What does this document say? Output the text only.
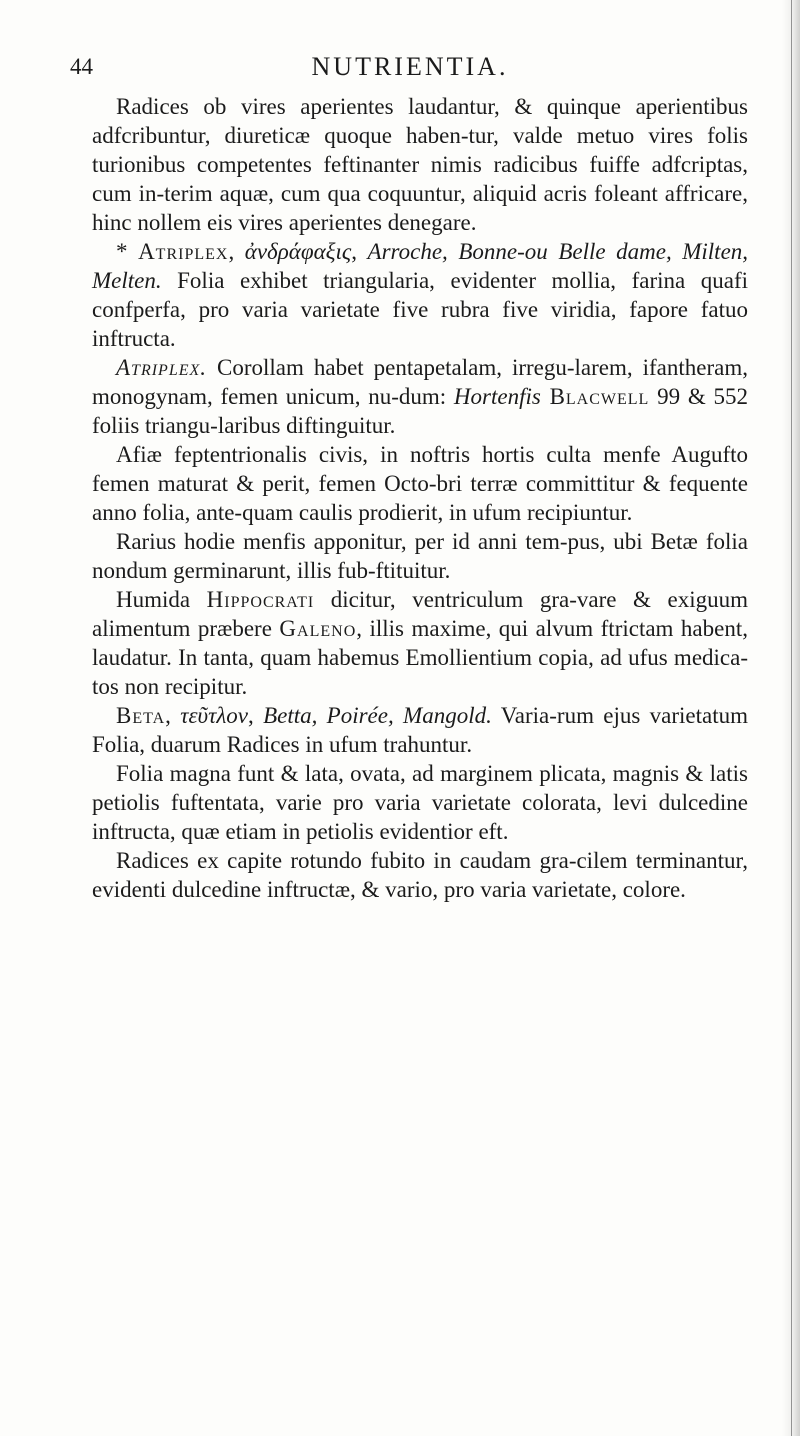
44	NUTRIENTIA.

Radices ob vires aperientes laudantur, & quinque aperientibus adfcribuntur, diureticæ quoque haben-tur, valde metuo vires folis turionibus competentes feftinanter nimis radicibus fuiffe adfcriptas, cum in-terim aquæ, cum qua coquuntur, aliquid acris foleant affricare, hinc nollem eis vires aperientes denegare.

* Atriplex, ἀνδράφαξις, Arroche, Bonne-ou Belle dame, Milten, Melten. Folia exhibet triangularia, evidenter mollia, farina quafi confperfa, pro varia varietate five rubra five viridia, fapore fatuo inftructa.

Atriplex. Corollam habet pentapetalam, irregu-larem, ifantheram, monogynam, femen unicum, nu-dum: Hortenfis Blacwell 99 & 552 foliis triangu-laribus diftinguitur.

Afiæ feptentrionalis civis, in noftris hortis culta menfe Augufto femen maturat & perit, femen Octo-bri terræ committitur & fequente anno folia, ante-quam caulis prodierit, in ufum recipiuntur.

Rarius hodie menfis apponitur, per id anni tem-pus, ubi Betæ folia nondum germinarunt, illis fub-ftituitur.

Humida Hippocrati dicitur, ventriculum gra-vare & exiguum alimentum præbere Galeno, illis maxime, qui alvum ftrictam habent, laudatur. In tanta, quam habemus Emollientium copia, ad ufus medica-tos non recipitur.

Beta, τεῦτλον, Betta, Poirée, Mangold. Varia-rum ejus varietatum Folia, duarum Radices in ufum trahuntur.

Folia magna funt & lata, ovata, ad marginem plicata, magnis & latis petiolis fuftentata, varie pro varia varietate colorata, levi dulcedine inftructa, quæ etiam in petiolis evidentior eft.

Radices ex capite rotundo fubito in caudam gra-cilem terminantur, evidenti dulcedine inftructæ, & vario, pro varia varietate, colore.
